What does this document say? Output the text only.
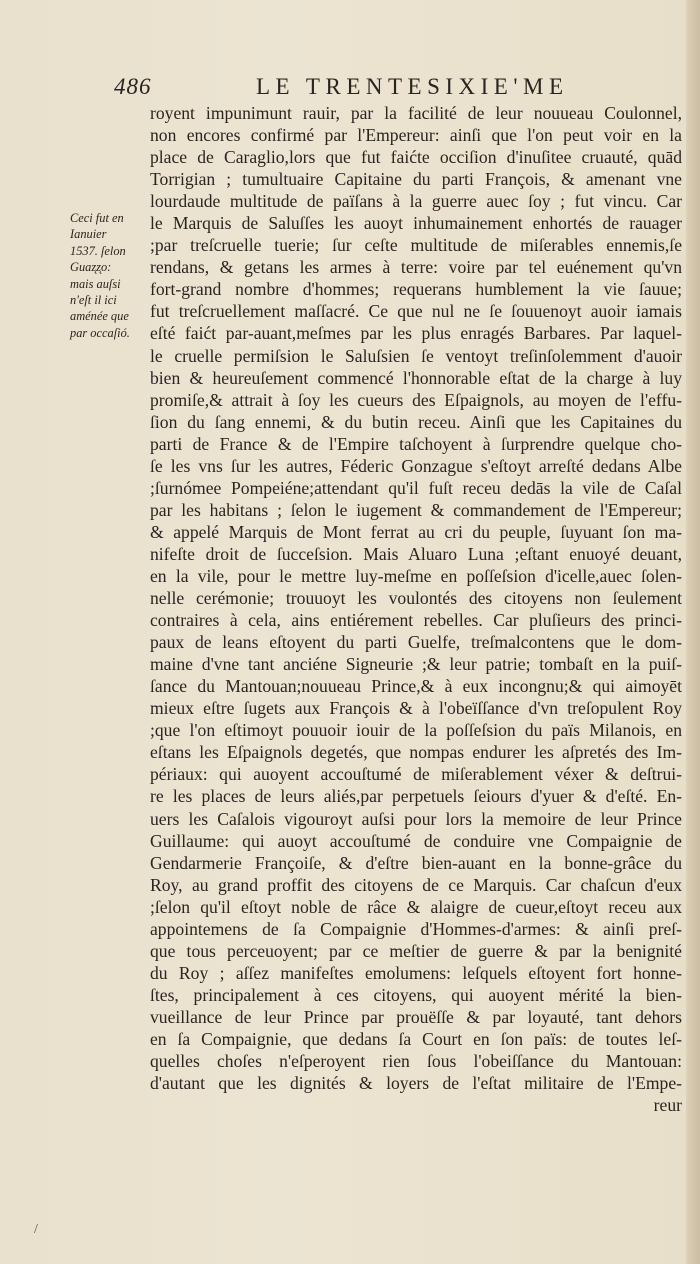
486	LE TRENTESIXIE'ME
Ceci fut en
Ianuier
1537. ſelon
Guaz̨z̨o:
mais auſsi
n'eſt il ici
aménée que
par occaſió.
royent impunimunt rauir, par la facilité de leur nouueau Coulonnel,
non encores confirmé par l'Empereur: ainſi que l'on peut voir en la
place de Caraglio,lors que fut faićte occiſion d'inuſitee cruauté, quād
Torrigian ; tumultuaire Capitaine du parti François, & amenant vne
lourdaude multitude de païſans à la guerre auec ſoy ; fut vincu. Car
le Marquis de Saluſſes les auoyt inhumainement enhortés de rauager
;par treſcruelle tuerie; ſur ceſte multitude de miſerables ennemis,ſe
rendans, & getans les armes à terre: voire par tel euénement qu'vn
fort-grand nombre d'hommes; requerans humblement la vie ſauue;
fut treſcruellement maſſacré. Ce que nul ne ſe ſouuenoyt auoir iamais
eſté faićt par-auant,meſmes par les plus enragés Barbares. Par laquel-
le cruelle permiſsion le Saluſsien ſe ventoyt treſinſolemment d'auoir
bien & heureuſement commencé l'honnorable eſtat de la charge à luy
promiſe,& attrait à ſoy les cueurs des Eſpaignols, au moyen de l'effu-
ſion du ſang ennemi, & du butin receu. Ainſi que les Capitaines du
parti de France & de l'Empire taſchoyent à ſurprendre quelque cho-
ſe les vns ſur les autres, Féderic Gonzague s'eſtoyt arreſté dedans Albe
;ſurnómee Pompeiéne;attendant qu'il fuſt receu dedās la vile de Caſal
par les habitans ; ſelon le iugement & commandement de l'Empereur;
& appelé Marquis de Mont ferrat au cri du peuple, ſuyuant ſon ma-
nifeſte droit de ſucceſsion. Mais Aluaro Luna ;eſtant enuoyé deuant,
en la vile, pour le mettre luy-meſme en poſſeſsion d'icelle,auec ſolen-
nelle cerémonie; trouuoyt les voulontés des citoyens non ſeulement
contraires à cela, ains entiérement rebelles. Car pluſieurs des princi-
paux de leans eſtoyent du parti Guelfe, treſmalcontens que le dom-
maine d'vne tant anciéne Signeurie ;& leur patrie; tombaſt en la puiſ-
ſance du Mantouan;nouueau Prince,& à eux incongnu;& qui aimoyēt
mieux eſtre ſugets aux François & à l'obeïſſance d'vn treſopulent Roy
;que l'on eſtimoyt pouuoir iouir de la poſſeſsion du païs Milanois, en
eſtans les Eſpaignols degetés, que nompas endurer les aſpretés des Im-
périaux: qui auoyent accouſtumé de miſerablement véxer & deſtrui-
re les places de leurs aliés,par perpetuels ſeiours d'yuer & d'eſté. En-
uers les Caſalois vigouroyt auſsi pour lors la memoire de leur Prince
Guillaume: qui auoyt accouſtumé de conduire vne Compaignie de
Gendarmerie Françoiſe, & d'eſtre bien-auant en la bonne-grâce du
Roy, au grand proffit des citoyens de ce Marquis. Car chaſcun d'eux
;ſelon qu'il eſtoyt noble de râce & alaigre de cueur,eſtoyt receu aux
appointemens de ſa Compaignie d'Hommes-d'armes: & ainſi preſ-
que tous perceuoyent; par ce meſtier de guerre & par la benignité
du Roy ; aſſez manifeſtes emolumens: leſquels eſtoyent fort honne-
ſtes, principalement à ces citoyens, qui auoyent mérité la bien-
vueillance de leur Prince par prouëſſe & par loyauté, tant dehors
en ſa Compaignie, que dedans ſa Court en ſon païs: de toutes leſ-
quelles choſes n'eſperoyent rien ſous l'obeiſſance du Mantouan:
d'autant que les dignités & loyers de l'eſtat militaire de l'Empe-
reur
/
